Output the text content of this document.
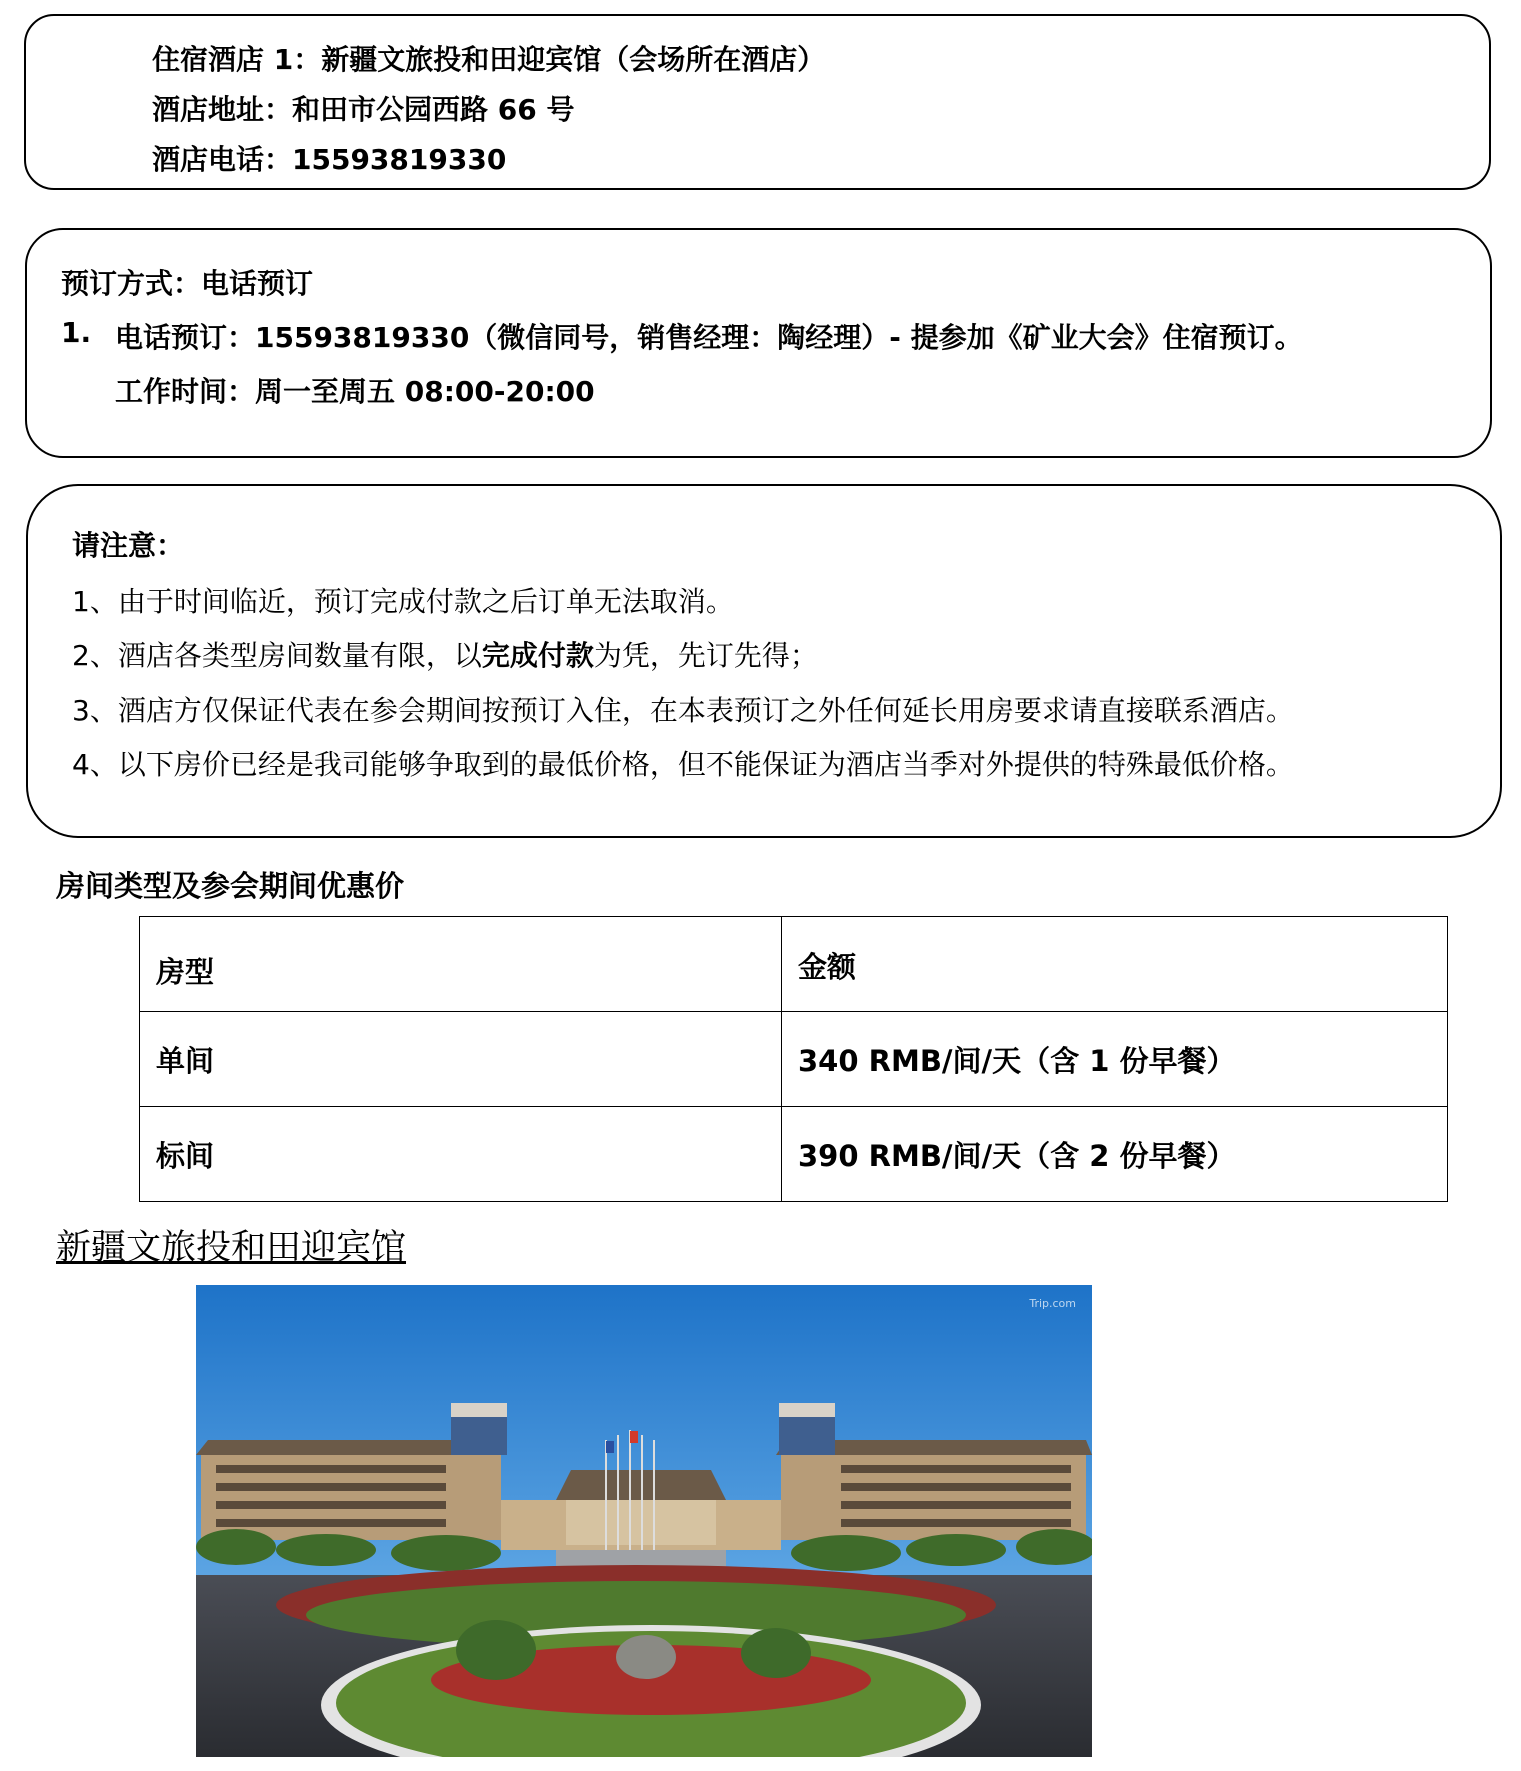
住宿酒店 1：新疆文旅投和田迎宾馆（会场所在酒店）
酒店地址：和田市公园西路 66 号
酒店电话：15593819330
预订方式：电话预订
1. 电话预订：15593819330（微信同号，销售经理：陶经理）- 提参加《矿业大会》住宿预订。
工作时间：周一至周五 08:00-20:00
请注意：
1、由于时间临近，预订完成付款之后订单无法取消。
2、酒店各类型房间数量有限，以完成付款为凭，先订先得；
3、酒店方仅保证代表在参会期间按预订入住，在本表预订之外任何延长用房要求请直接联系酒店。
4、以下房价已经是我司能够争取到的最低价格，但不能保证为酒店当季对外提供的特殊最低价格。
房间类型及参会期间优惠价
房型	金额
单间	340 RMB/间/天（含 1 份早餐）
标间	390 RMB/间/天（含 2 份早餐）
新疆文旅投和田迎宾馆
Trip.com
